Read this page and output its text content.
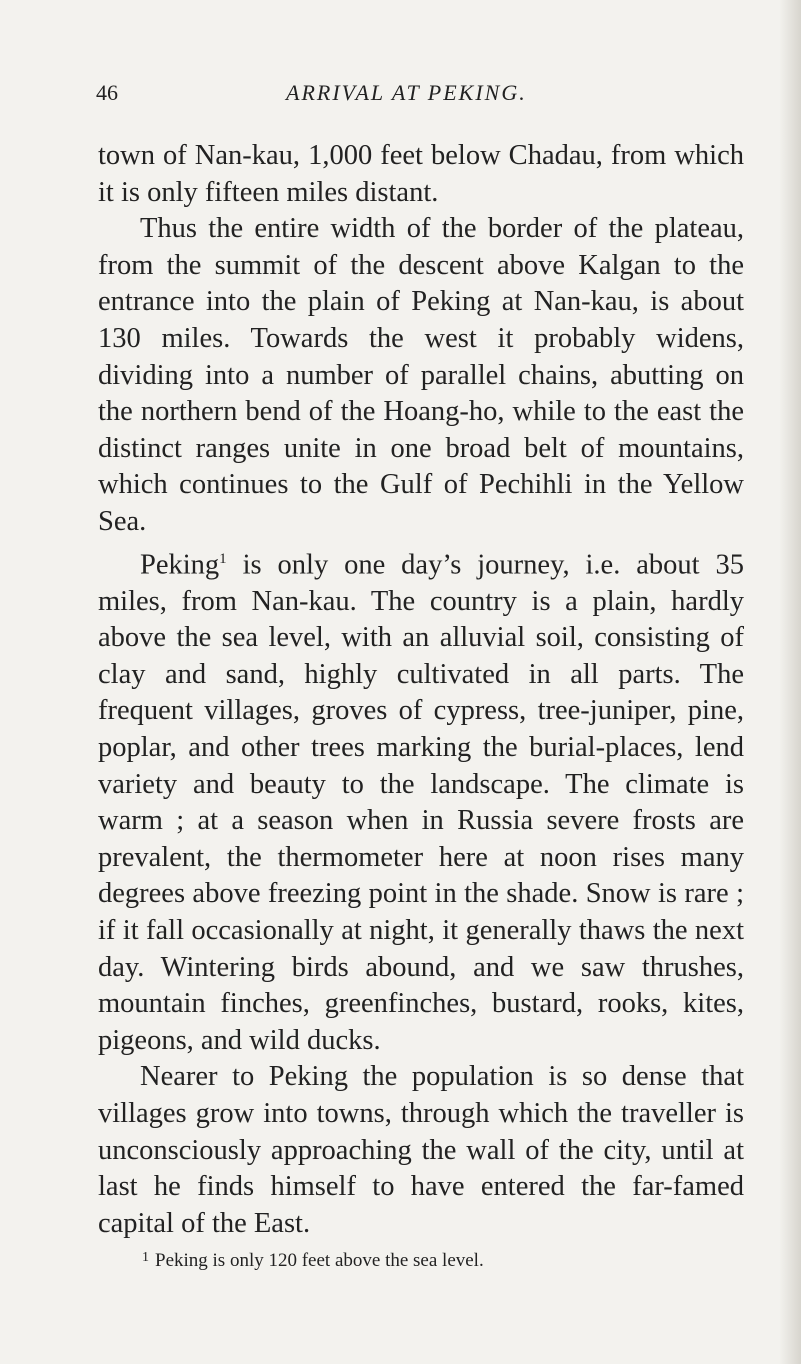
46	ARRIVAL AT PEKING.

town of Nan-kau, 1,000 feet below Chadau, from which it is only fifteen miles distant.

Thus the entire width of the border of the plateau, from the summit of the descent above Kalgan to the entrance into the plain of Peking at Nan-kau, is about 130 miles. Towards the west it probably widens, dividing into a number of parallel chains, abutting on the northern bend of the Hoang-ho, while to the east the distinct ranges unite in one broad belt of mountains, which continues to the Gulf of Pechihli in the Yellow Sea.

Peking$^1$ is only one day’s journey, i.e. about 35 miles, from Nan-kau. The country is a plain, hardly above the sea level, with an alluvial soil, consisting of clay and sand, highly cultivated in all parts. The frequent villages, groves of cypress, tree-juniper, pine, poplar, and other trees marking the burial-places, lend variety and beauty to the landscape. The climate is warm ; at a season when in Russia severe frosts are prevalent, the thermometer here at noon rises many degrees above freezing point in the shade. Snow is rare ; if it fall occasionally at night, it generally thaws the next day. Wintering birds abound, and we saw thrushes, mountain finches, greenfinches, bustard, rooks, kites, pigeons, and wild ducks.

Nearer to Peking the population is so dense that villages grow into towns, through which the traveller is unconsciously approaching the wall of the city, until at last he finds himself to have entered the far-famed capital of the East.

$^1$ Peking is only 120 feet above the sea level.
